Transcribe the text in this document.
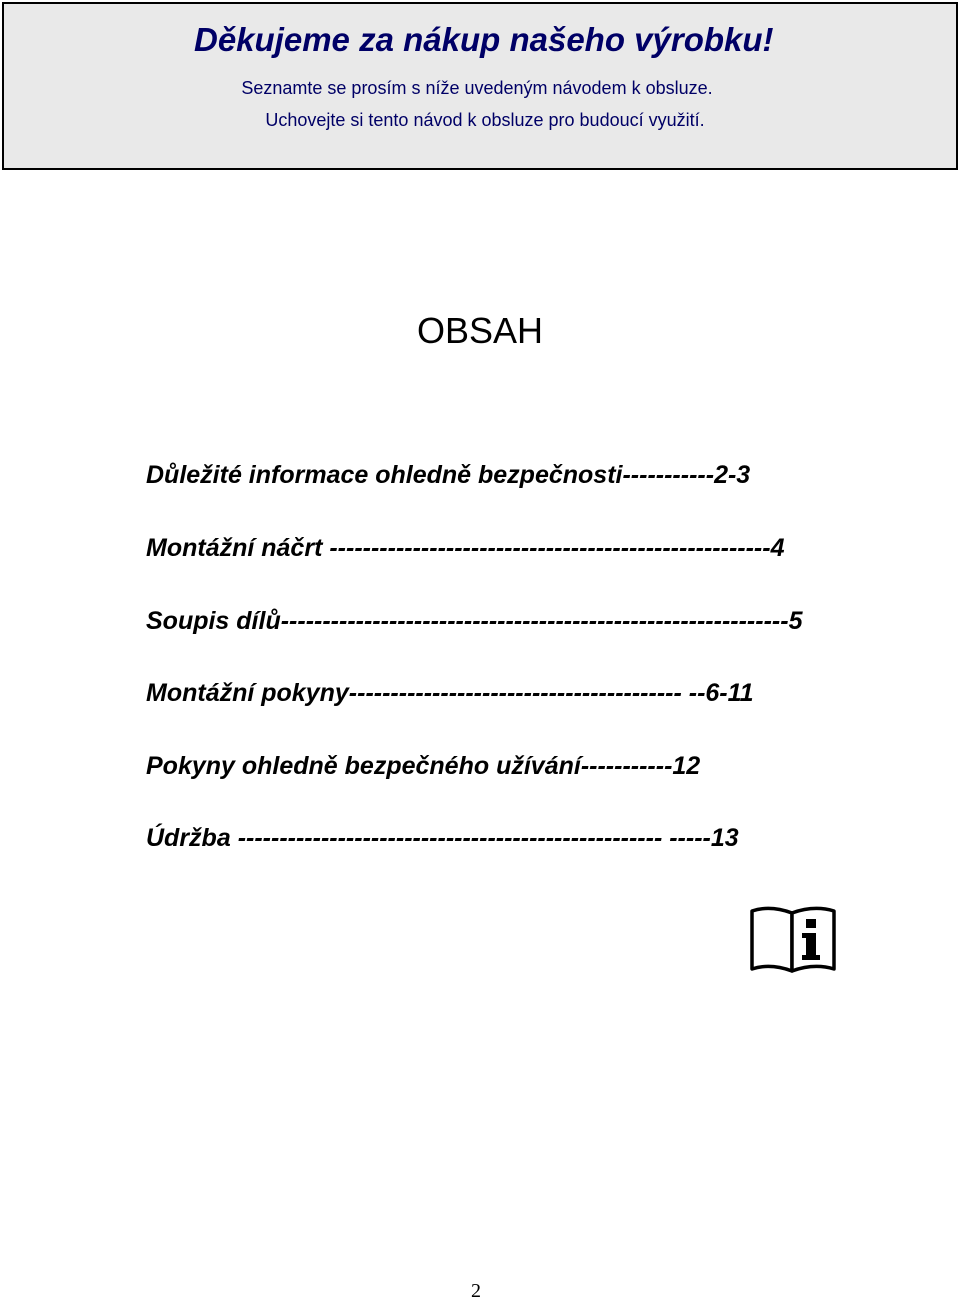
Děkujeme za nákup našeho výrobku!
Seznamte se prosím s níže uvedeným návodem k obsluze.
Uchovejte si tento návod k obsluze pro budoucí využití.
OBSAH
Důležité informace ohledně bezpečnosti-----------2-3
Montážní náčrt -----------------------------------------------------4
Soupis dílů-------------------------------------------------------------5
Montážní pokyny---------------------------------------- --6-11
Pokyny ohledně bezpečného užívání-----------12
Údržba --------------------------------------------------- -----13
2
